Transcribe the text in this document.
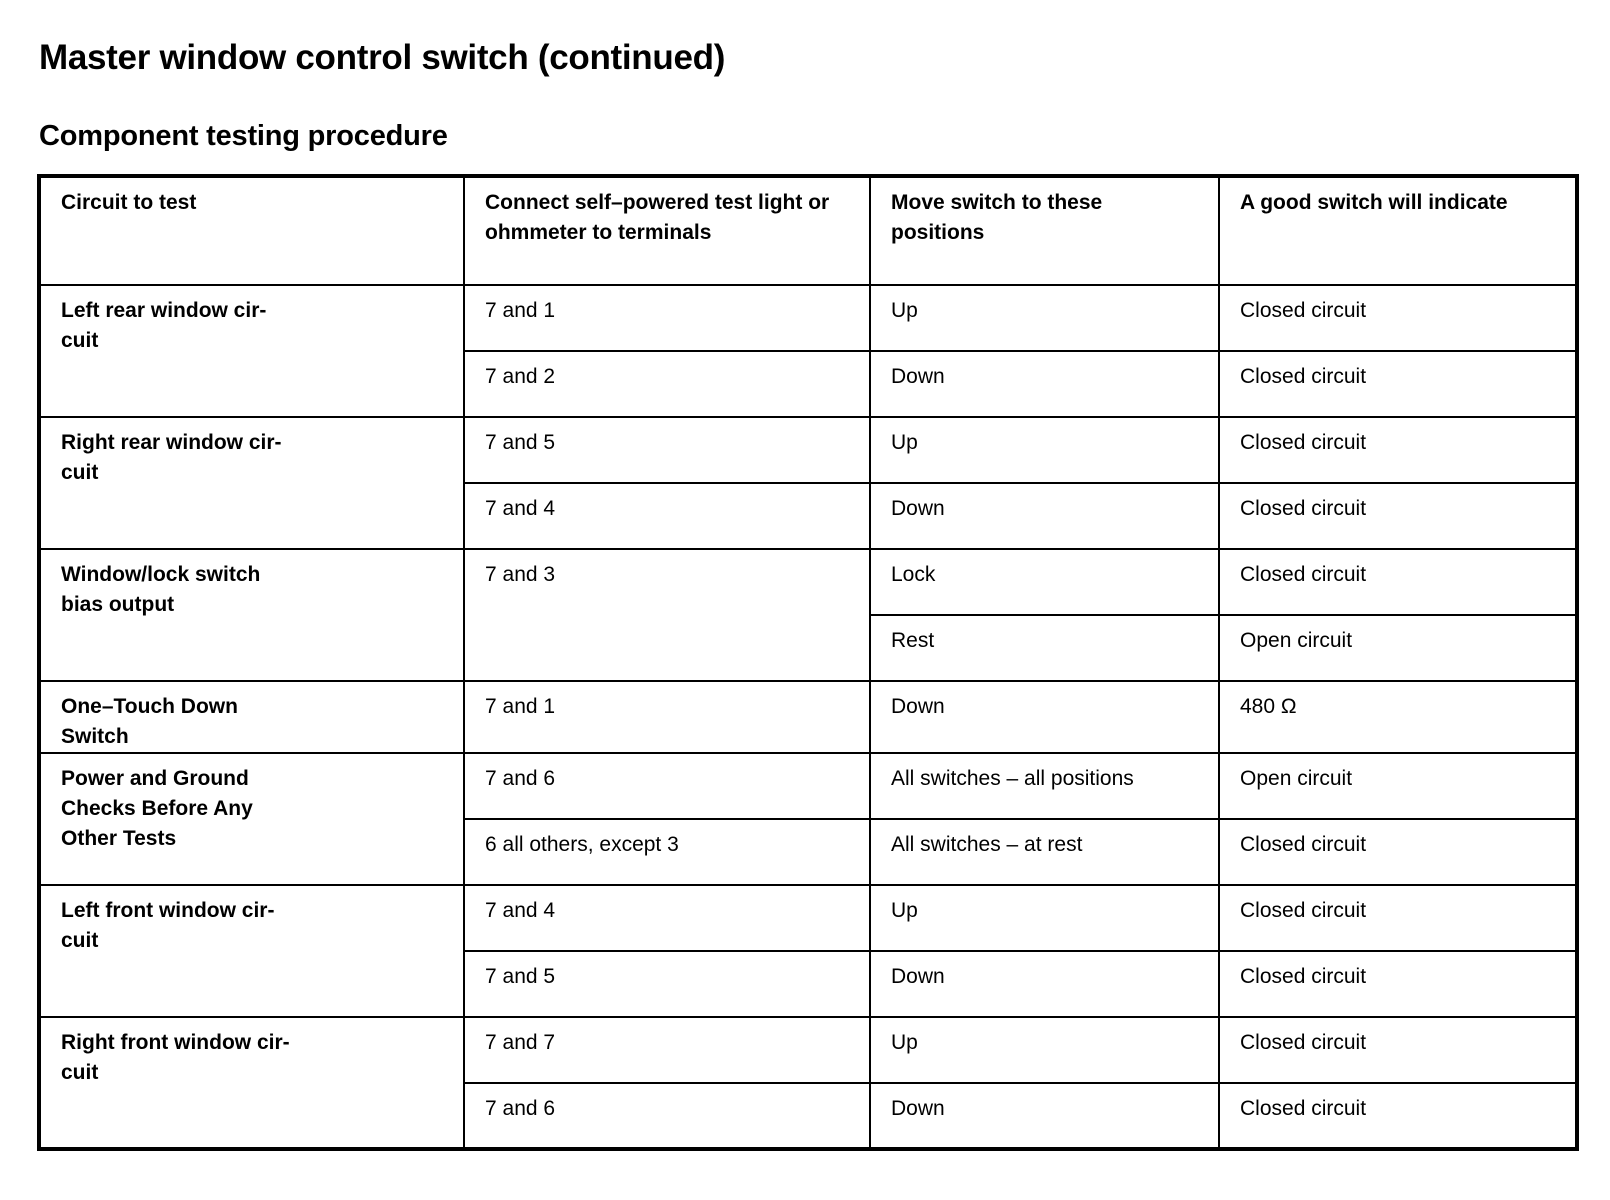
Master window control switch (continued)
Component testing procedure
Circuit to test	Connect self–powered test light or ohmmeter to terminals	Move switch to these positions	A good switch will indicate

Left rear window cir-cuit	7 and 1	Up	Closed circuit
	7 and 2	Down	Closed circuit

Right rear window cir-cuit	7 and 5	Up	Closed circuit
	7 and 4	Down	Closed circuit

Window/lock switch bias output	7 and 3	Lock	Closed circuit
		Rest	Open circuit

One–Touch Down Switch	7 and 1	Down	480 Ω

Power and Ground Checks Before Any Other Tests	7 and 6	All switches – all positions	Open circuit
	6 all others, except 3	All switches – at rest	Closed circuit

Left front window cir-cuit	7 and 4	Up	Closed circuit
	7 and 5	Down	Closed circuit

Right front window cir-cuit	7 and 7	Up	Closed circuit
	7 and 6	Down	Closed circuit
